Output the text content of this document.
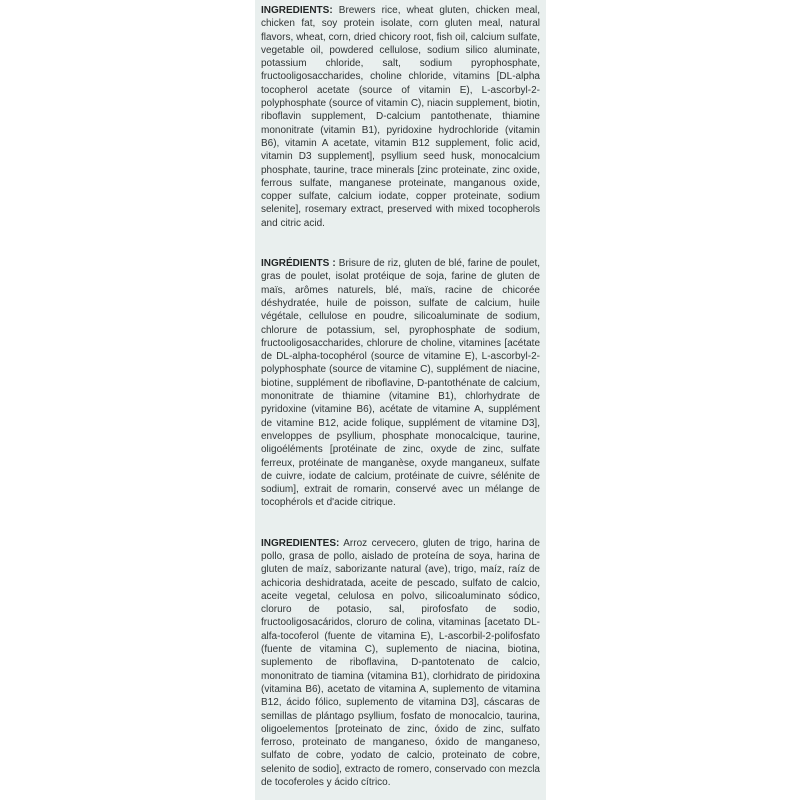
INGREDIENTS: Brewers rice, wheat gluten, chicken meal, chicken fat, soy protein isolate, corn gluten meal, natural flavors, wheat, corn, dried chicory root, fish oil, calcium sulfate, vegetable oil, powdered cellulose, sodium silico aluminate, potassium chloride, salt, sodium pyrophosphate, fructooligosaccharides, choline chloride, vitamins [DL-alpha tocopherol acetate (source of vitamin E), L-ascorbyl-2-polyphosphate (source of vitamin C), niacin supplement, biotin, riboflavin supplement, D-calcium pantothenate, thiamine mononitrate (vitamin B1), pyridoxine hydrochloride (vitamin B6), vitamin A acetate, vitamin B12 supplement, folic acid, vitamin D3 supplement], psyllium seed husk, monocalcium phosphate, taurine, trace minerals [zinc proteinate, zinc oxide, ferrous sulfate, manganese proteinate, manganous oxide, copper sulfate, calcium iodate, copper proteinate, sodium selenite], rosemary extract, preserved with mixed tocopherols and citric acid.

INGRÉDIENTS : Brisure de riz, gluten de blé, farine de poulet, gras de poulet, isolat protéique de soja, farine de gluten de maïs, arômes naturels, blé, maïs, racine de chicorée déshydratée, huile de poisson, sulfate de calcium, huile végétale, cellulose en poudre, silicoaluminate de sodium, chlorure de potassium, sel, pyrophosphate de sodium, fructooligosaccharides, chlorure de choline, vitamines [acétate de DL-alpha-tocophérol (source de vitamine E), L-ascorbyl-2-polyphosphate (source de vitamine C), supplément de niacine, biotine, supplément de riboflavine, D-pantothénate de calcium, mononitrate de thiamine (vitamine B1), chlorhydrate de pyridoxine (vitamine B6), acétate de vitamine A, supplément de vitamine B12, acide folique, supplément de vitamine D3], enveloppes de psyllium, phosphate monocalcique, taurine, oligoéléments [protéinate de zinc, oxyde de zinc, sulfate ferreux, protéinate de manganèse, oxyde manganeux, sulfate de cuivre, iodate de calcium, protéinate de cuivre, sélénite de sodium], extrait de romarin, conservé avec un mélange de tocophérols et d'acide citrique.

INGREDIENTES: Arroz cervecero, gluten de trigo, harina de pollo, grasa de pollo, aislado de proteína de soya, harina de gluten de maíz, saborizante natural (ave), trigo, maíz, raíz de achicoria deshidratada, aceite de pescado, sulfato de calcio, aceite vegetal, celulosa en polvo, silicoaluminato sódico, cloruro de potasio, sal, pirofosfato de sodio, fructooligosacáridos, cloruro de colina, vitaminas [acetato DL-alfa-tocoferol (fuente de vitamina E), L-ascorbil-2-polifosfato (fuente de vitamina C), suplemento de niacina, biotina, suplemento de riboflavina, D-pantotenato de calcio, mononitrato de tiamina (vitamina B1), clorhidrato de piridoxina (vitamina B6), acetato de vitamina A, suplemento de vitamina B12, ácido fólico, suplemento de vitamina D3], cáscaras de semillas de plántago psyllium, fosfato de monocalcio, taurina, oligoelementos [proteinato de zinc, óxido de zinc, sulfato ferroso, proteinato de manganeso, óxido de manganeso, sulfato de cobre, yodato de calcio, proteinato de cobre, selenito de sodio], extracto de romero, conservado con mezcla de tocoferoles y ácido cítrico.
